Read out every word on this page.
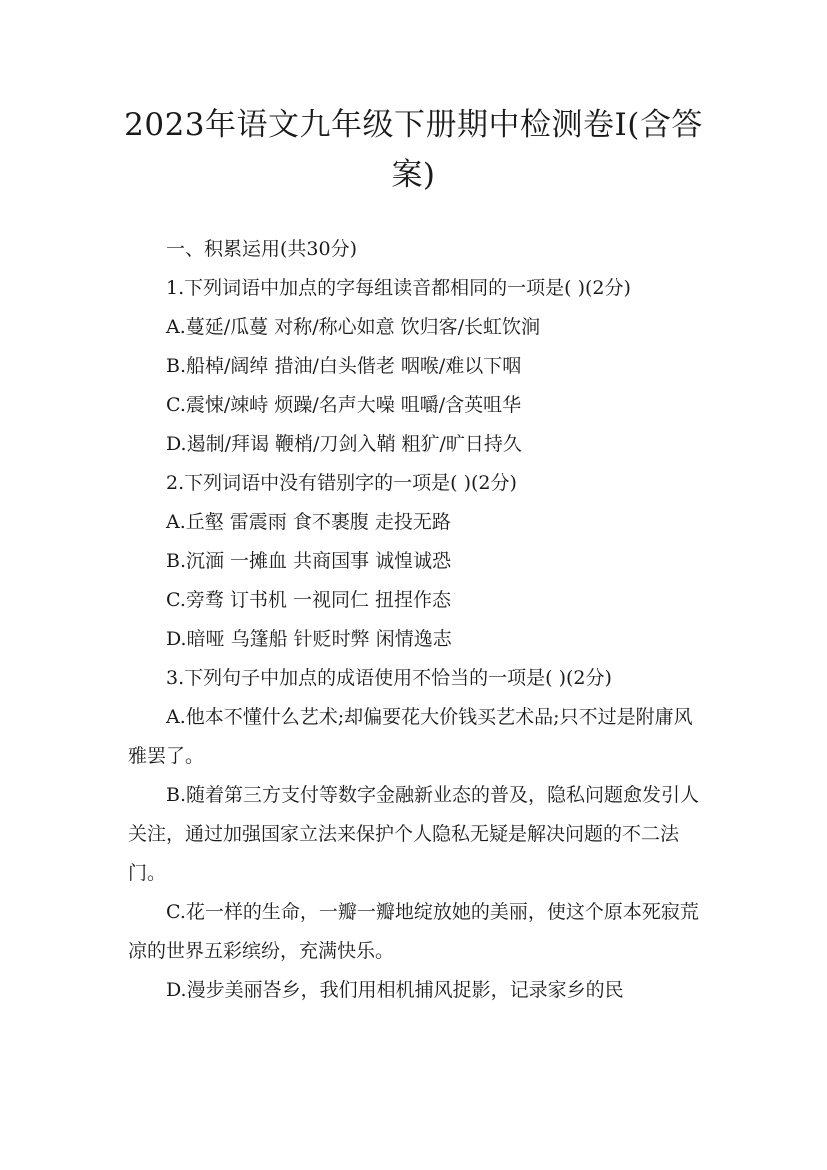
2023年语文九年级下册期中检测卷Ⅰ(含答案)

一、积累运用(共30分)

1.下列词语中加点的字每组读音都相同的一项是( )(2分)

A.蔓延/瓜蔓 对称/称心如意 饮归客/长虹饮涧

B.船棹/阔绰 措油/白头偕老 咽喉/难以下咽

C.震悚/竦峙 烦躁/名声大噪 咀嚼/含英咀华

D.遏制/拜谒 鞭梢/刀剑入鞘 粗犷/旷日持久

2.下列词语中没有错别字的一项是( )(2分)

A.丘壑 雷震雨 食不裹腹 走投无路

B.沉湎 一摊血 共商国事 诚惶诚恐

C.旁骛 订书机 一视同仁 扭捏作态

D.暗哑 乌篷船 针贬时弊 闲情逸志

3.下列句子中加点的成语使用不恰当的一项是( )(2分)

A.他本不懂什么艺术;却偏要花大价钱买艺术品;只不过是附庸风雅罢了。

B.随着第三方支付等数字金融新业态的普及，隐私问题愈发引人关注，通过加强国家立法来保护个人隐私无疑是解决问题的不二法门。

C.花一样的生命，一瓣一瓣地绽放她的美丽，使这个原本死寂荒凉的世界五彩缤纷，充满快乐。

D.漫步美丽峇乡，我们用相机捕风捉影，记录家乡的民
